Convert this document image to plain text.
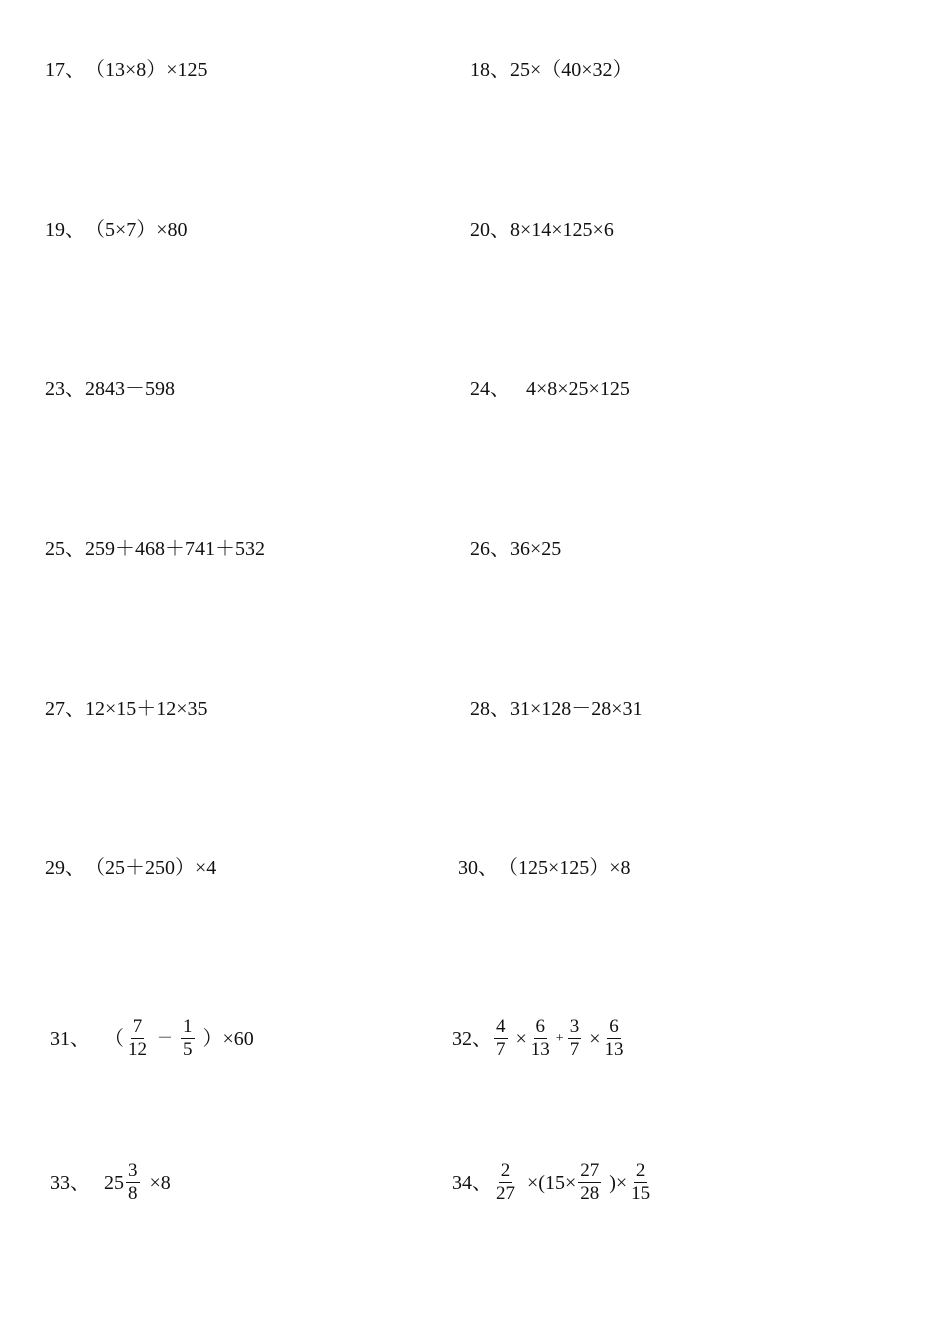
17、 （13×8）×125	18、 25×（40×32）
19、 （5×7）×80	20、 8×14×125×6
23、 2843－598	24、 4×8×25×125
25、 259＋468＋741＋532	26、 36×25
27、 12×15＋12×35	28、 31×128－28×31
29、 （25＋250）×4	30、 （125×125）×8
31、 （ $\frac{7}{12} - \frac{1}{5}$ ） ×60	32、 $\frac{4}{7} \times \frac{6}{13} + \frac{3}{7} \times \frac{6}{13}$
33、 $25 \frac{3}{8} \times 8$	34、 $\frac{2}{27} \times(15\times \frac{27}{28}$ )× $\frac{2}{15}$
